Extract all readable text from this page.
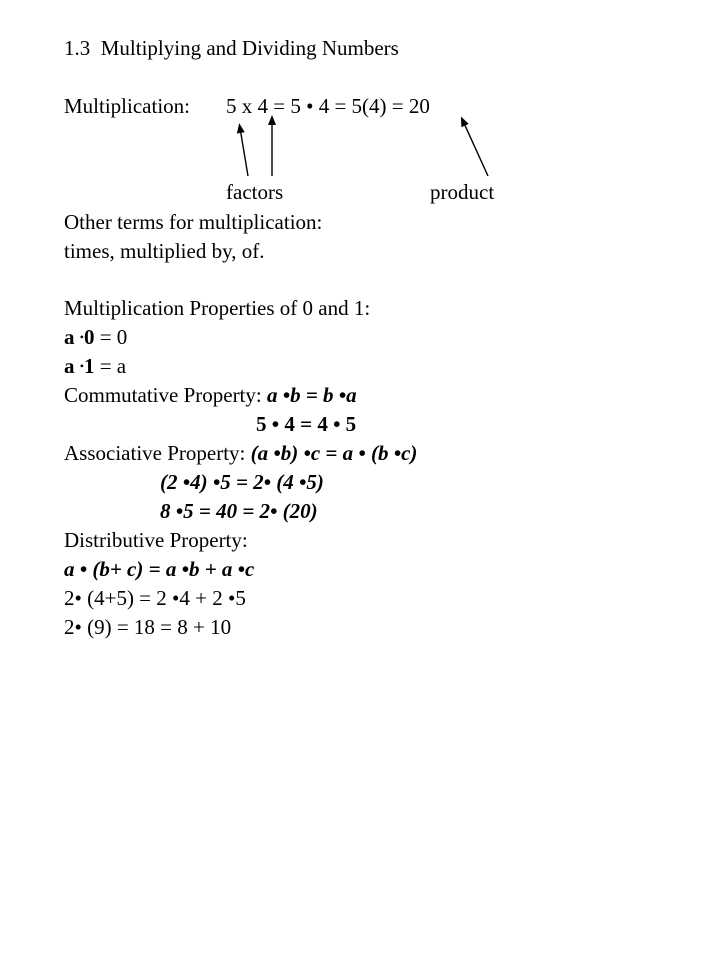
1.3  Multiplying and Dividing Numbers
Multiplication: 5 x 4 = 5 • 4 = 5(4) = 20
factors	product
Other terms for multiplication:
times, multiplied by, of.
Multiplication Properties of 0 and 1:
a •0 = 0
a •1 = a
Commutative Property: a •b = b •a
5 • 4 = 4 • 5
Associative Property: (a •b) •c = a • (b •c)
(2 •4) •5 = 2• (4 •5)
8 •5 = 40 = 2• (20)
Distributive Property:
a • (b+ c) = a •b + a •c
2• (4+5) = 2 •4 + 2 •5
2• (9) = 18 = 8 + 10
